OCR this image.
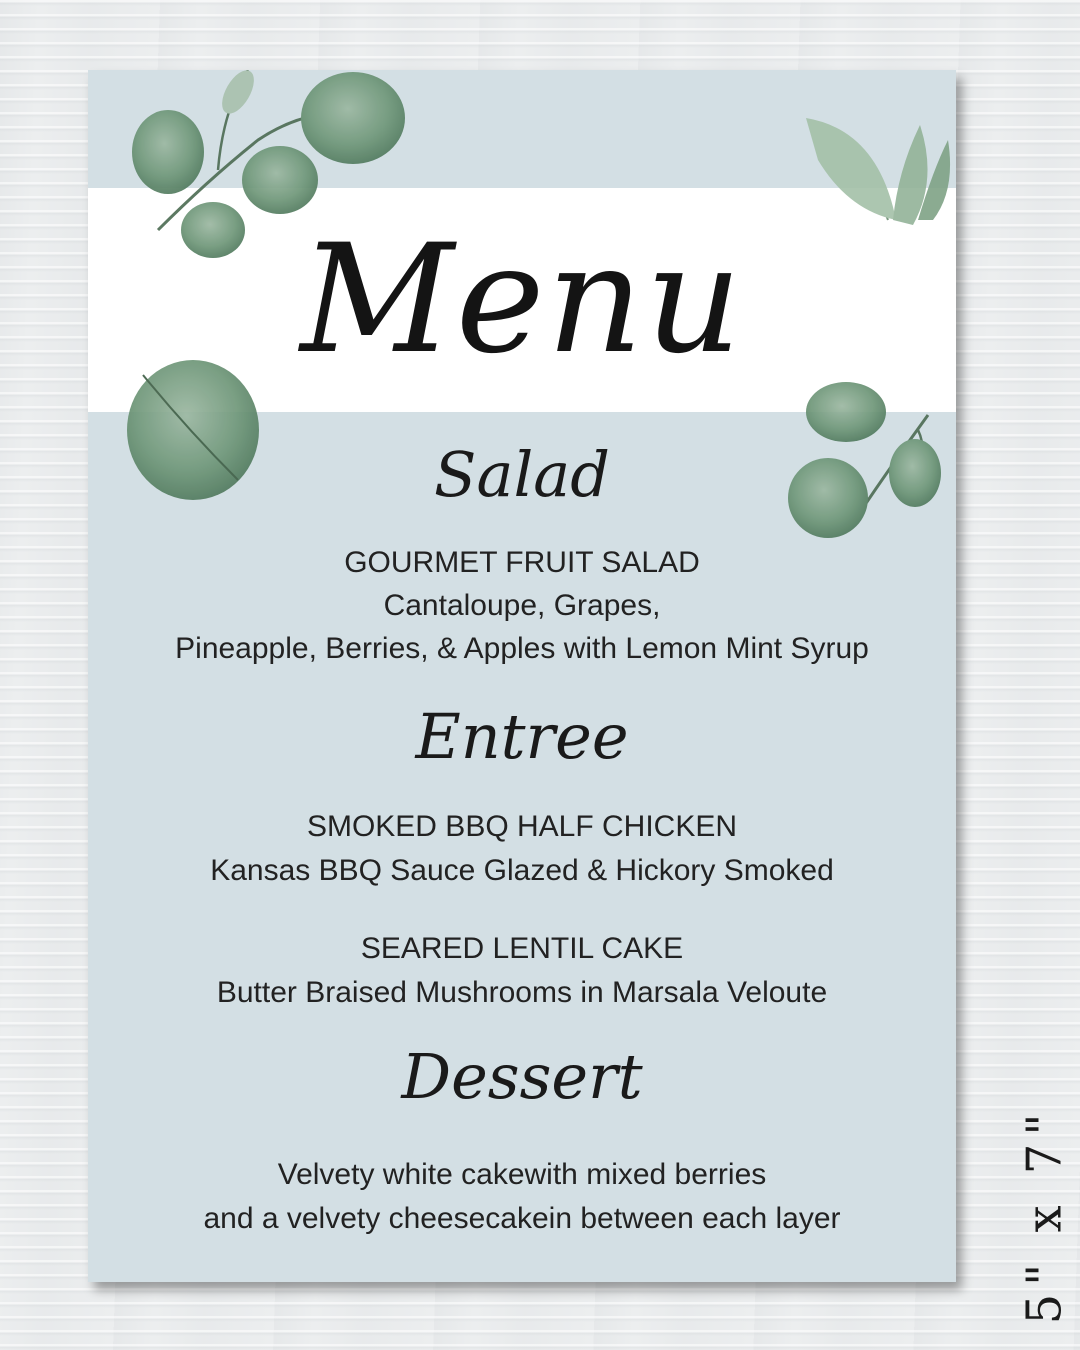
Menu
Salad
GOURMET FRUIT SALAD
Cantaloupe, Grapes,
Pineapple, Berries, & Apples with Lemon Mint Syrup
Entree
SMOKED BBQ HALF CHICKEN
Kansas BBQ Sauce Glazed & Hickory Smoked
SEARED LENTIL CAKE
Butter Braised Mushrooms in Marsala Veloute
Dessert
Velvety white cakewith mixed berries
and a velvety cheesecakein between each layer	5" x 7"
